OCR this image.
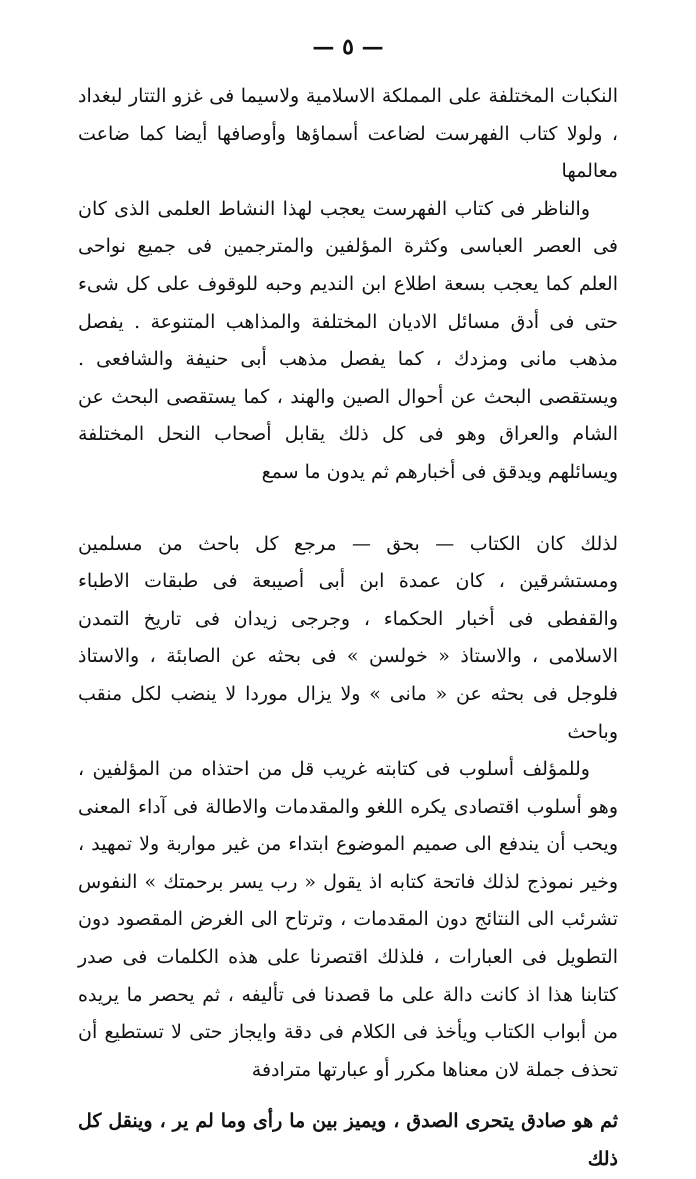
— ٥ —

النكبات المختلفة على المملكة الاسلامية ولاسيما فى غزو التتار لبغداد ، ولولا كتاب الفهرست لضاعت أسماؤها وأوصافها أيضا كما ضاعت معالمها

والناظر فى كتاب الفهرست يعجب لهذا النشاط العلمى الذى كان فى العصر العباسى وكثرة المؤلفين والمترجمين فى جميع نواحى العلم كما يعجب بسعة اطلاع ابن النديم وحبه للوقوف على كل شىء حتى فى أدق مسائل الاديان المختلفة والمذاهب المتنوعة . يفصل مذهب مانى ومزدك ، كما يفصل مذهب أبى حنيفة والشافعى . ويستقصى البحث عن أحوال الصين والهند ، كما يستقصى البحث عن الشام والعراق وهو فى كل ذلك يقابل أصحاب النحل المختلفة ويسائلهم ويدقق فى أخبارهم ثم يدون ما سمع

لذلك كان الكتاب — بحق — مرجع كل باحث من مسلمين ومستشرقين ، كان عمدة ابن أبى أصيبعة فى طبقات الاطباء والقفطى فى أخبار الحكماء ، وجرجى زيدان فى تاريخ التمدن الاسلامى ، والاستاذ « خولسن » فى بحثه عن الصابئة ، والاستاذ فلوجل فى بحثه عن « مانى » ولا يزال موردا لا ينضب لكل منقب وباحث

وللمؤلف أسلوب فى كتابته غريب قل من احتذاه من المؤلفين ، وهو أسلوب اقتصادى يكره اللغو والمقدمات والاطالة فى آداء المعنى ويحب أن يندفع الى صميم الموضوع ابتداء من غير مواربة ولا تمهيد ، وخير نموذج لذلك فاتحة كتابه اذ يقول « رب يسر برحمتك » النفوس تشرئب الى النتائج دون المقدمات ، وترتاح الى الغرض المقصود دون التطويل فى العبارات ، فلذلك اقتصرنا على هذه الكلمات فى صدر كتابنا هذا اذ كانت دالة على ما قصدنا فى تأليفه ، ثم يحصر ما يريده من أبواب الكتاب ويأخذ فى الكلام فى دقة وايجاز حتى لا تستطيع أن تحذف جملة لان معناها مكرر أو عبارتها مترادفة

ثم هو صادق يتحرى الصدق ، ويميز بين ما رأى وما لم ير ، وينقل كل ذلك
